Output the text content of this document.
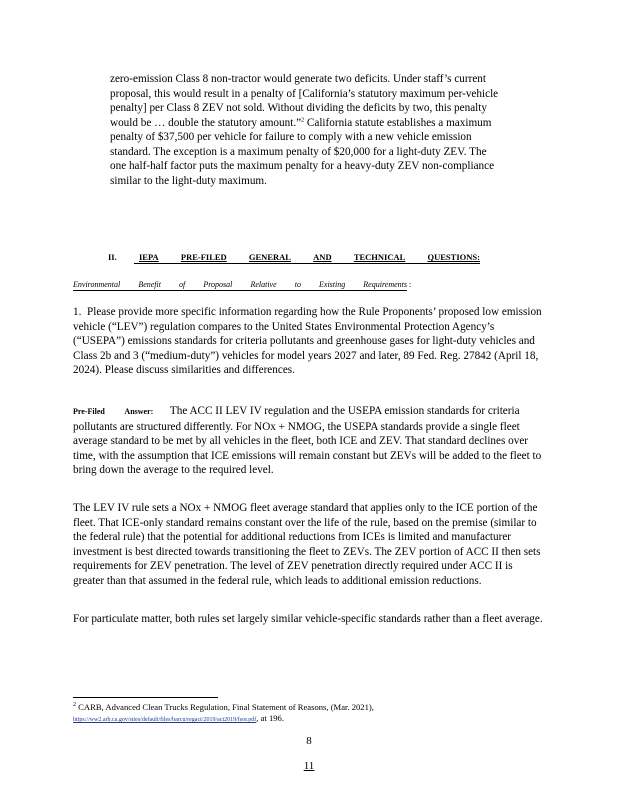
zero-emission Class 8 non-tractor would generate two deficits. Under staff’s current proposal, this would result in a penalty of [California’s statutory maximum per-vehicle penalty] per Class 8 ZEV not sold. Without dividing the deficits by two, this penalty would be … double the statutory amount.”$^2$ California statute establishes a maximum penalty of $37,500 per vehicle for failure to comply with a new vehicle emission standard. The exception is a maximum penalty of $20,000 for a light-duty ZEV. The one half-half factor puts the maximum penalty for a heavy-duty ZEV non-compliance similar to the light-duty maximum.
II.	IEPA	PRE-FILED	GENERAL	AND	TECHNICAL	QUESTIONS:
Environmental Benefit of Proposal Relative to Existing Requirements :
1. Please provide more specific information regarding how the Rule Proponents’ proposed low emission vehicle (“LEV”) regulation compares to the United States Environmental Protection Agency’s (“USEPA”) emissions standards for criteria pollutants and greenhouse gases for light-duty vehicles and Class 2b and 3 (“medium-duty”) vehicles for model years 2027 and later, 89 Fed. Reg. 27842 (April 18, 2024). Please discuss similarities and differences.
Pre-Filed Answer: The ACC II LEV IV regulation and the USEPA emission standards for criteria pollutants are structured differently. For NOx + NMOG, the USEPA standards provide a single fleet average standard to be met by all vehicles in the fleet, both ICE and ZEV. That standard declines over time, with the assumption that ICE emissions will remain constant but ZEVs will be added to the fleet to bring down the average to the required level.
The LEV IV rule sets a NOx + NMOG fleet average standard that applies only to the ICE portion of the fleet. That ICE-only standard remains constant over the life of the rule, based on the premise (similar to the federal rule) that the potential for additional reductions from ICEs is limited and manufacturer investment is best directed towards transitioning the fleet to ZEVs. The ZEV portion of ACC II then sets requirements for ZEV penetration. The level of ZEV penetration directly required under ACC II is greater than that assumed in the federal rule, which leads to additional emission reductions.
For particulate matter, both rules set largely similar vehicle-specific standards rather than a fleet average.
$^2$ CARB, Advanced Clean Trucks Regulation, Final Statement of Reasons, (Mar. 2021),
https://ww2.arb.ca.gov/sites/default/files/barcu/regact/2019/act2019/fsor.pdf, at 196.
8
11
